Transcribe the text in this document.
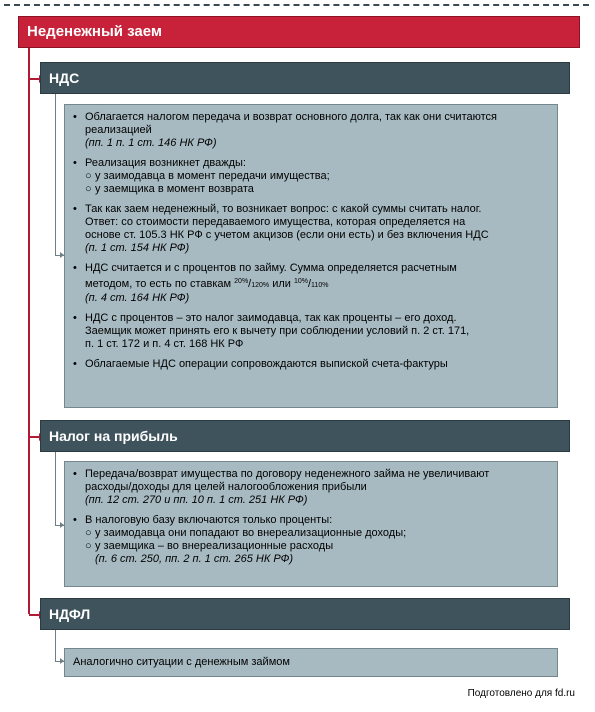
Неденежный заем
НДС
• Облагается налогом передача и возврат основного долга, так как они считаются
реализацией
(пп. 1 п. 1 ст. 146 НК РФ)
• Реализация возникнет дважды:
○ у заимодавца в момент передачи имущества;
○ у заемщика в момент возврата
• Так как заем неденежный, то возникает вопрос: с какой суммы считать налог.
Ответ: со стоимости передаваемого имущества, которая определяется на
основе ст. 105.3 НК РФ с учетом акцизов (если они есть) и без включения НДС
(п. 1 ст. 154 НК РФ)
• НДС считается и с процентов по займу. Сумма определяется расчетным
методом, то есть по ставкам $^{20\%}$/120% или $^{10\%}$/110%
(п. 4 ст. 164 НК РФ)
• НДС с процентов – это налог заимодавца, так как проценты – его доход.
Заемщик может принять его к вычету при соблюдении условий п. 2 ст. 171,
п. 1 ст. 172 и п. 4 ст. 168 НК РФ
• Облагаемые НДС операции сопровождаются выпиской счета-фактуры
Налог на прибыль
• Передача/возврат имущества по договору неденежного займа не увеличивают
расходы/доходы для целей налогообложения прибыли
(пп. 12 ст. 270 и пп. 10 п. 1 ст. 251 НК РФ)
• В налоговую базу включаются только проценты:
○ у заимодавца они попадают во внереализационные доходы;
○ у заемщика – во внереализационные расходы
(п. 6 ст. 250, пп. 2 п. 1 ст. 265 НК РФ)
НДФЛ
Аналогично ситуации с денежным займом
Подготовлено для fd.ru
